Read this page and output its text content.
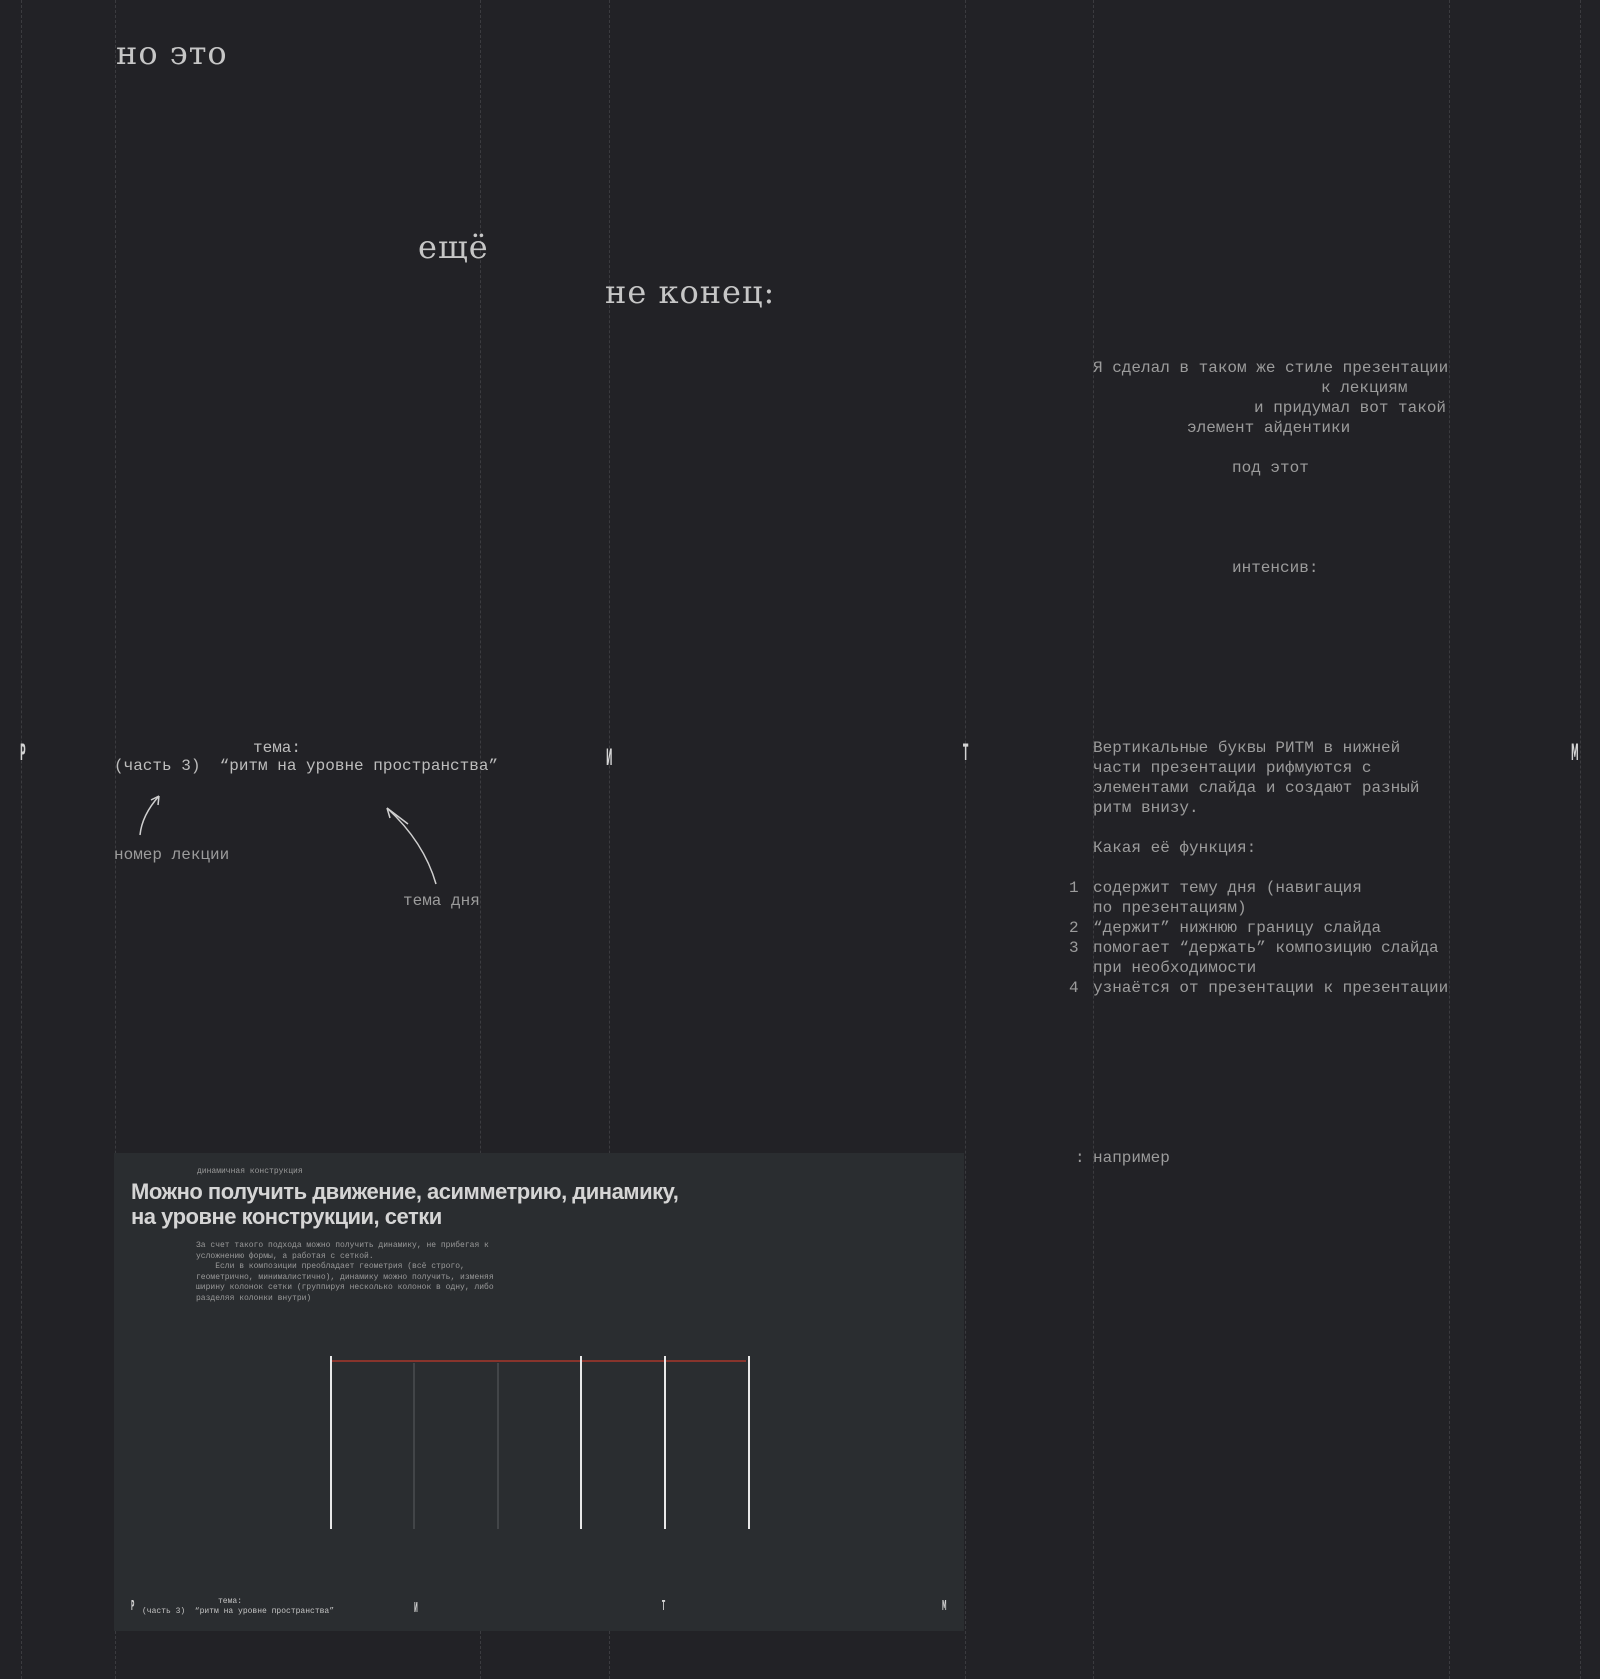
но это
ещё
не конец:
Я сделал в таком же стиле презентации
к лекциям
и придумал вот такой
элемент айдентики
под этот
интенсив:
Р	И	Т	М
тема:
(часть 3)  “ритм на уровне пространства”
номер лекции
тема дня
Вертикальные буквы РИТМ в нижней
части презентации рифмуются с
элементами слайда и создают разный
ритм внизу.
Какая её функция:
1 содержит тему дня (навигация
по презентациям)
2 “держит” нижнюю границу слайда
3 помогает “держать” композицию слайда
при необходимости
4 узнаётся от презентации к презентации
: например
динамичная конструкция
Можно получить движение, асимметрию, динамику,
на уровне конструкции, сетки
За счет такого подхода можно получить динамику, не прибегая к
усложнению формы, а работая с сеткой.
Если в композиции преобладает геометрия (всё строго,
геометрично, минималистично), динамику можно получить, изменяя
ширину колонок сетки (группируя несколько колонок в одну, либо
разделяя колонки внутри)
Р	И	Т	М
тема:
(часть 3)  “ритм на уровне пространства”
